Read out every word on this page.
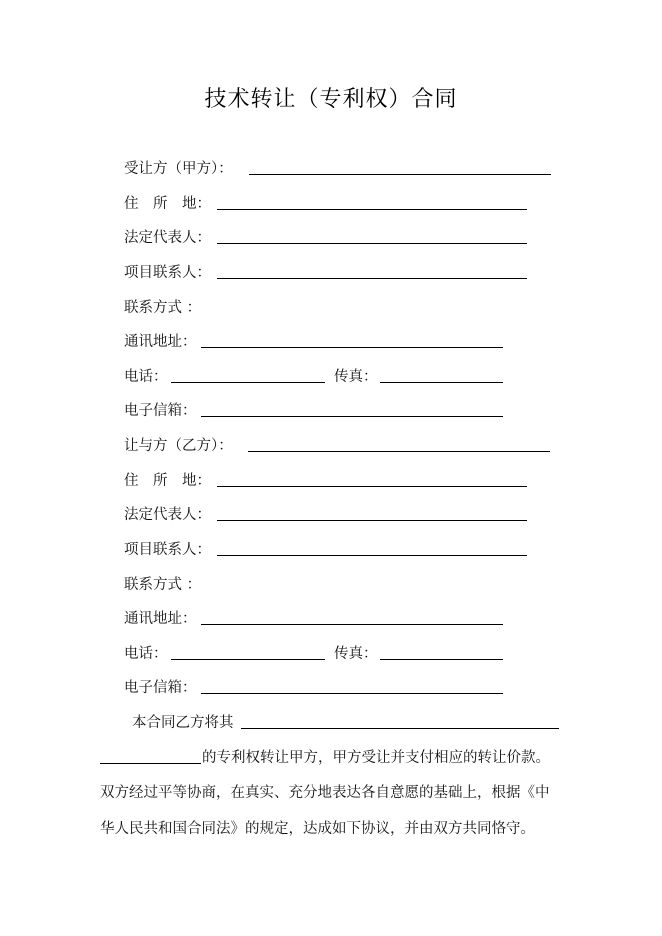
技术转让（专利权）合同
受让方（甲方）：
住　所　地：
法定代表人：
项目联系人：
联系方式 ：
通讯地址：
电话：	传真：
电子信箱：
让与方（乙方）：
住　所　地：
法定代表人：
项目联系人：
联系方式 ：
通讯地址：
电话：	传真：
电子信箱：
本合同乙方将其
的专利权转让甲方，甲方受让并支付相应的转让价款。
双方经过平等协商，在真实、充分地表达各自意愿的基础上，根据《中
华人民共和国合同法》的规定，达成如下协议，并由双方共同恪守。
